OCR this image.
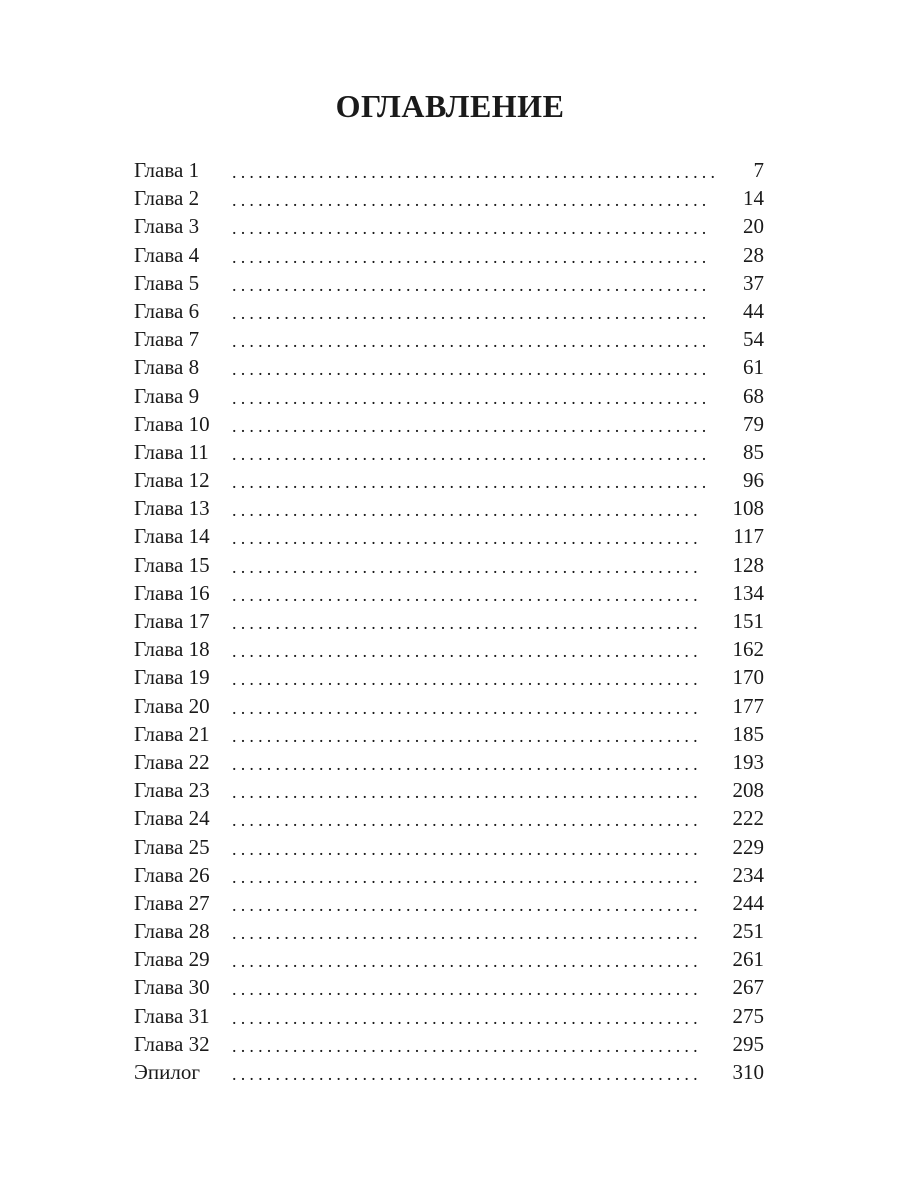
ОГЛАВЛЕНИЕ
Глава 1 ........................................................	7
Глава 2 .......................................................	14
Глава 3 .......................................................	20
Глава 4 .......................................................	28
Глава 5 .......................................................	37
Глава 6 .......................................................	44
Глава 7 .......................................................	54
Глава 8 .......................................................	61
Глава 9 .......................................................	68
Глава 10 .......................................................	79
Глава 11 .......................................................	85
Глава 12 .......................................................	96
Глава 13 ......................................................	108
Глава 14 ......................................................	117
Глава 15 ......................................................	128
Глава 16 ......................................................	134
Глава 17 ......................................................	151
Глава 18 ......................................................	162
Глава 19 ......................................................	170
Глава 20 ......................................................	177
Глава 21 ......................................................	185
Глава 22 ......................................................	193
Глава 23 ......................................................	208
Глава 24 ......................................................	222
Глава 25 ......................................................	229
Глава 26 ......................................................	234
Глава 27 ......................................................	244
Глава 28 ......................................................	251
Глава 29 ......................................................	261
Глава 30 ......................................................	267
Глава 31 ......................................................	275
Глава 32 ......................................................	295
Эпилог ......................................................	310
